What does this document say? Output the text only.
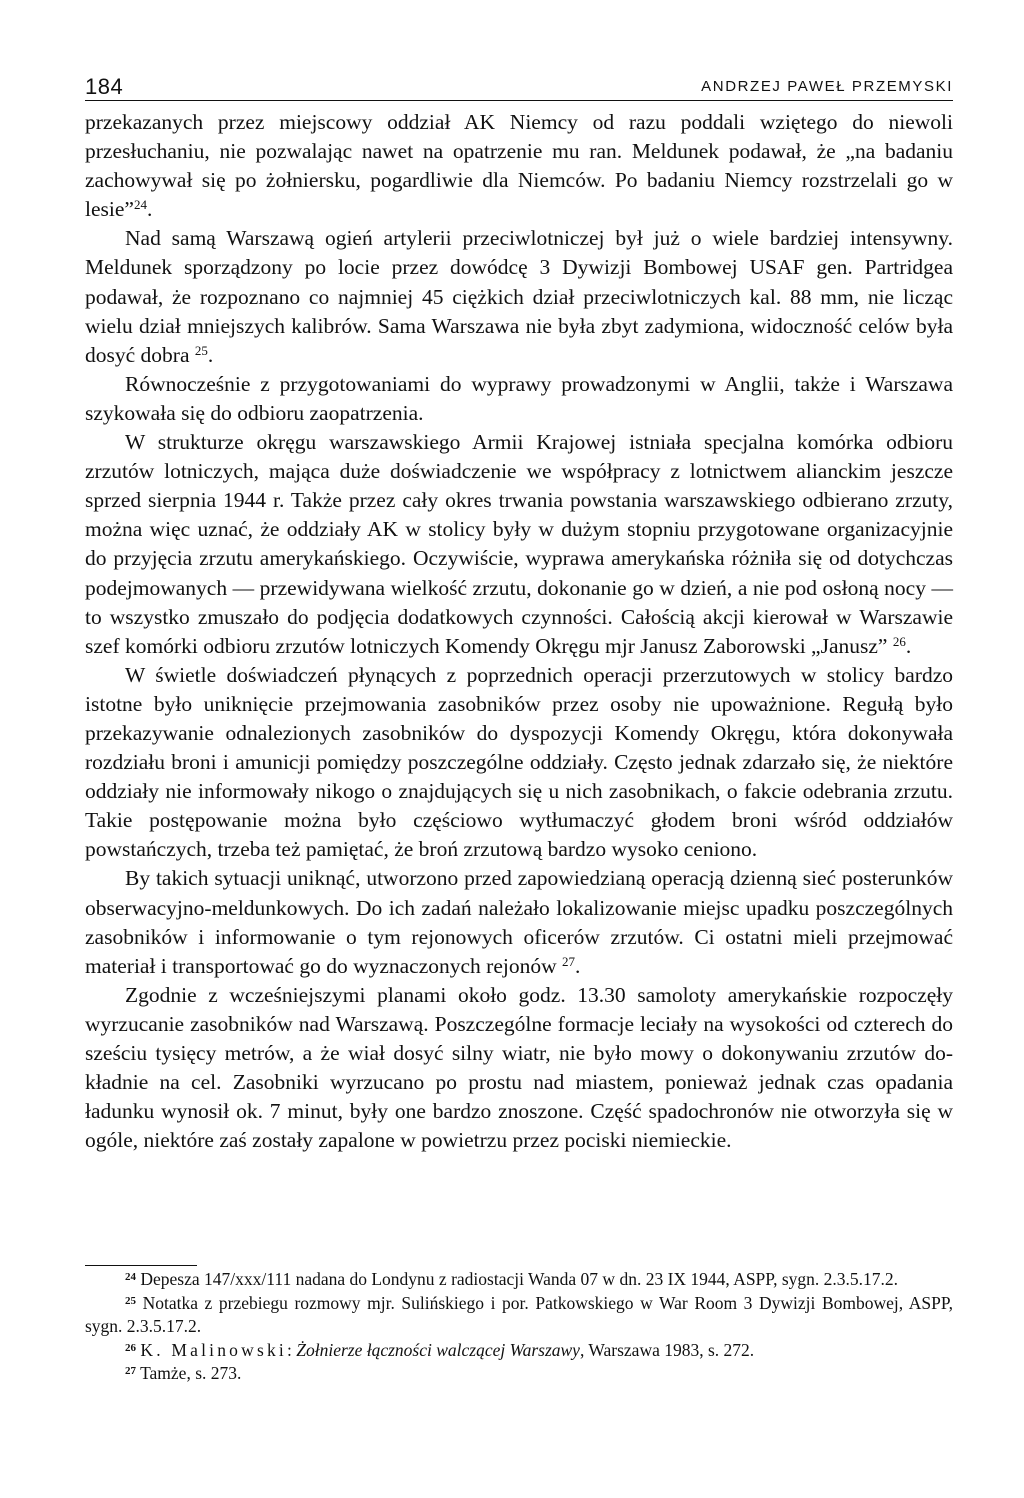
184	ANDRZEJ PAWEŁ PRZEMYSKI

przekazanych przez miejscowy oddział AK Niemcy od razu poddali wziętego do niewoli przesłuchaniu, nie pozwalając nawet na opatrzenie mu ran. Meldunek podawał, że „na badaniu zachowywał się po żołniersku, pogardliwie dla Niemców. Po badaniu Niemcy rozstrzelali go w lesie”$^{24}$.

Nad samą Warszawą ogień artylerii przeciwlotniczej był już o wiele bardziej intensywny. Meldunek sporządzony po locie przez dowódcę 3 Dywizji Bombowej USAF gen. Partridgea podawał, że rozpoznano co najmniej 45 ciężkich dział przeciwlotniczych kal. 88 mm, nie licząc wielu dział mniejszych kalibrów. Sama Warszawa nie była zbyt zadymiona, widoczność celów była dosyć dobra $^{25}$.

Równocześnie z przygotowaniami do wyprawy prowadzonymi w Anglii, także i Warszawa szykowała się do odbioru zaopatrzenia.

W strukturze okręgu warszawskiego Armii Krajowej istniała specjalna komórka odbioru zrzutów lotniczych, mająca duże doświadczenie we współpracy z lotnictwem alianckim jeszcze sprzed sierpnia 1944 r. Także przez cały okres trwania powstania warszawskiego odbierano zrzuty, można więc uznać, że oddziały AK w stolicy były w dużym stopniu przygotowane organizacyjnie do przyjęcia zrzutu amerykańskiego. Oczywiście, wyprawa amerykańska różniła się od dotychczas podejmowanych — przewidywana wielkość zrzutu, dokonanie go w dzień, a nie pod osłoną nocy — to wszystko zmuszało do podjęcia dodatkowych czynności. Całością akcji kierował w Warszawie szef komórki odbioru zrzutów lotniczych Komendy Okręgu mjr Janusz Zaborowski „Janusz” $^{26}$.

W świetle doświadczeń płynących z poprzednich operacji przerzutowych w stolicy bardzo istotne było uniknięcie przejmowania zasobników przez osoby nie upoważnione. Regułą było przekazywanie odnalezionych zasobników do dyspozycji Komendy Okręgu, która dokonywała rozdziału broni i amunicji pomiędzy poszczególne oddziały. Często jednak zdarzało się, że niektóre oddziały nie informowały nikogo o znajdujących się u nich zasobnikach, o fakcie odebrania zrzutu. Takie postępowanie można było częściowo wytłumaczyć głodem broni wśród oddziałów powstańczych, trzeba też pamiętać, że broń zrzutową bardzo wysoko ceniono.

By takich sytuacji uniknąć, utworzono przed zapowiedzianą operacją dzienną sieć posterunków obserwacyjno-meldunkowych. Do ich zadań należało lokalizowanie miejsc upadku poszczególnych zasobników i informowanie o tym rejonowych oficerów zrzutów. Ci ostatni mieli przejmować materiał i transportować go do wyznaczonych rejonów $^{27}$.

Zgodnie z wcześniejszymi planami około godz. 13.30 samoloty amerykańskie rozpoczęły wyrzucanie zasobników nad Warszawą. Poszczególne formacje leciały na wysokości od czterech do sześciu tysięcy metrów, a że wiał dosyć silny wiatr, nie było mowy o dokonywaniu zrzutów dokładnie na cel. Zasobniki wyrzucano po prostu nad miastem, ponieważ jednak czas opadania ładunku wynosił ok. 7 minut, były one bardzo znoszone. Część spadochronów nie otworzyła się w ogóle, niektóre zaś zostały zapalone w powietrzu przez pociski niemieckie.

$^{24}$ Depesza 147/xxx/111 nadana do Londynu z radiostacji Wanda 07 w dn. 23 IX 1944, ASPP, sygn. 2.3.5.17.2.

$^{25}$ Notatka z przebiegu rozmowy mjr. Sulińskiego i por. Patkowskiego w War Room 3 Dywizji Bombowej, ASPP, sygn. 2.3.5.17.2.

$^{26}$ K. Malinowski: Żołnierze łączności walczącej Warszawy, Warszawa 1983, s. 272.

$^{27}$ Tamże, s. 273.
